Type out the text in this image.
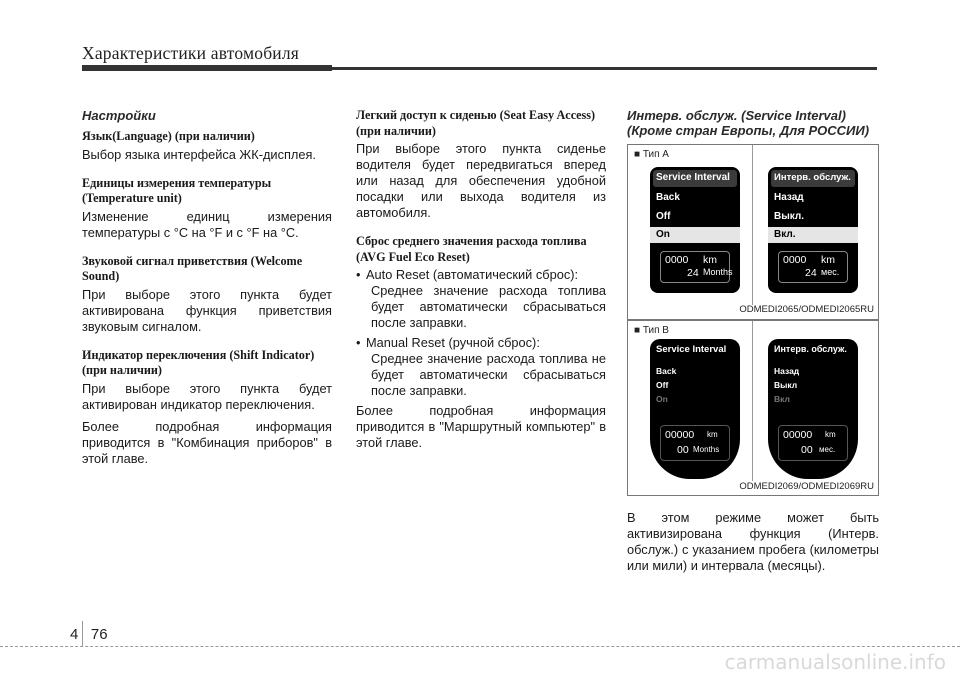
Характеристики автомобиля
Настройки
Язык(Language) (при наличии)
Выбор языка интерфейса ЖК-дисплея.
Единицы измерения температуры (Temperature unit)
Изменение единиц измерения температуры с °C на °F и с °F на °C.
Звуковой сигнал приветствия (Welcome Sound)
При выборе этого пункта будет активирована функция приветствия звуковым сигналом.
Индикатор переключения (Shift Indicator) (при наличии)
При выборе этого пункта будет активирован индикатор переключения.
Более подробная информация приводится в "Комбинация приборов" в этой главе.
Легкий доступ к сиденью (Seat Easy Access) (при наличии)
При выборе этого пункта сиденье водителя будет передвигаться вперед или назад для обеспечения удобной посадки или выхода водителя из автомобиля.
Сброс среднего значения расхода топлива (AVG Fuel Eco Reset)
• Auto Reset (автоматический сброс):
Среднее значение расхода топлива будет автоматически сбрасываться после заправки.
• Manual Reset (ручной сброс):
Среднее значение расхода топлива не будет автоматически сбрасываться после заправки.
Более подробная информация приводится в "Маршрутный компьютер" в этой главе.
Интерв. обслуж. (Service Interval)
(Кроме стран Европы, Для РОССИИ)
■ Тип А
Service Interval
Back
Off
On
0000 km
24 Months
Интерв. обслуж.
Назад
Выкл.
Вкл.
0000 km
24 мес.
ODMEDI2065/ODMEDI2065RU
■ Тип В
Service Interval
Back
Off
On
00000 km
00 Months
Интерв. обслуж.
Назад
Выкл
Вкл
00000 km
00 мес.
ODMEDI2069/ODMEDI2069RU
В этом режиме может быть активизирована функция (Интерв. обслуж.) с указанием пробега (километры или мили) и интервала (месяцы).
4 76
carmanualsonline.info
